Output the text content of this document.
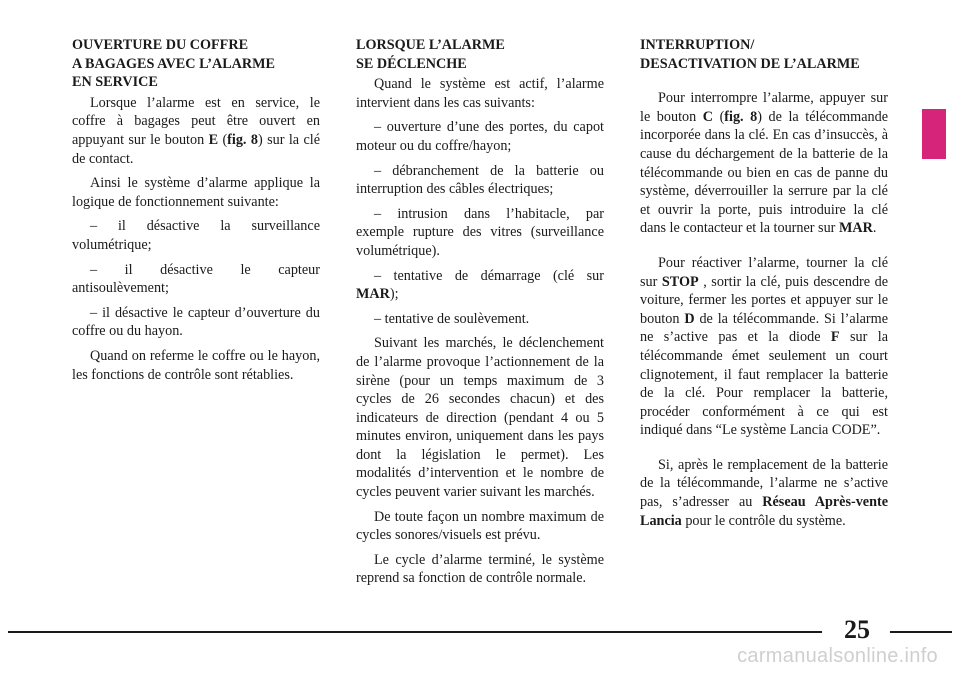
OUVERTURE DU COFFRE
A BAGAGES AVEC L’ALARME
EN SERVICE

Lorsque l’alarme est en service, le coffre à bagages peut être ouvert en appuyant sur le bouton E (fig. 8) sur la clé de contact.

Ainsi le système d’alarme applique la logique de fonctionnement suivante:

– il désactive la surveillance volumétrique;

– il désactive le capteur antisoulèvement;

– il désactive le capteur d’ouverture du coffre ou du hayon.

Quand on referme le coffre ou le hayon, les fonctions de contrôle sont rétablies.

LORSQUE L’ALARME
SE DÉCLENCHE

Quand le système est actif, l’alarme intervient dans les cas suivants:

– ouverture d’une des portes, du capot moteur ou du coffre/hayon;

– débranchement de la batterie ou interruption des câbles électriques;

– intrusion dans l’habitacle, par exemple rupture des vitres (surveillance volumétrique).

– tentative de démarrage (clé sur MAR);

– tentative de soulèvement.

Suivant les marchés, le déclenchement de l’alarme provoque l’actionnement de la sirène (pour un temps maximum de 3 cycles de 26 secondes chacun) et des indicateurs de direction (pendant 4 ou 5 minutes environ, uniquement dans les pays dont la législation le permet). Les modalités d’intervention et le nombre de cycles peuvent varier suivant les marchés.

De toute façon un nombre maximum de cycles sonores/visuels est prévu.

Le cycle d’alarme terminé, le système reprend sa fonction de contrôle normale.

INTERRUPTION/
DESACTIVATION DE L’ALARME

Pour interrompre l’alarme, appuyer sur le bouton C (fig. 8) de la télécommande incorporée dans la clé. En cas d’insuccès, à cause du déchargement de la batterie de la télécommande ou bien en cas de panne du système, déverrouiller la serrure par la clé et ouvrir la porte, puis introduire la clé dans le contacteur et la tourner sur MAR.

Pour réactiver l’alarme, tourner la clé sur STOP , sortir la clé, puis descendre de voiture, fermer les portes et appuyer sur le bouton D de la télécommande. Si l’alarme ne s’active pas et la diode F sur la télécommande émet seulement un court clignotement, il faut remplacer la batterie de la clé. Pour remplacer la batterie, procéder conformément à ce qui est indiqué dans “Le système Lancia CODE”.

Si, après le remplacement de la batterie de la télécommande, l’alarme ne s’active pas, s’adresser au Réseau Après-vente Lancia pour le contrôle du système.

25
carmanualsonline.info
